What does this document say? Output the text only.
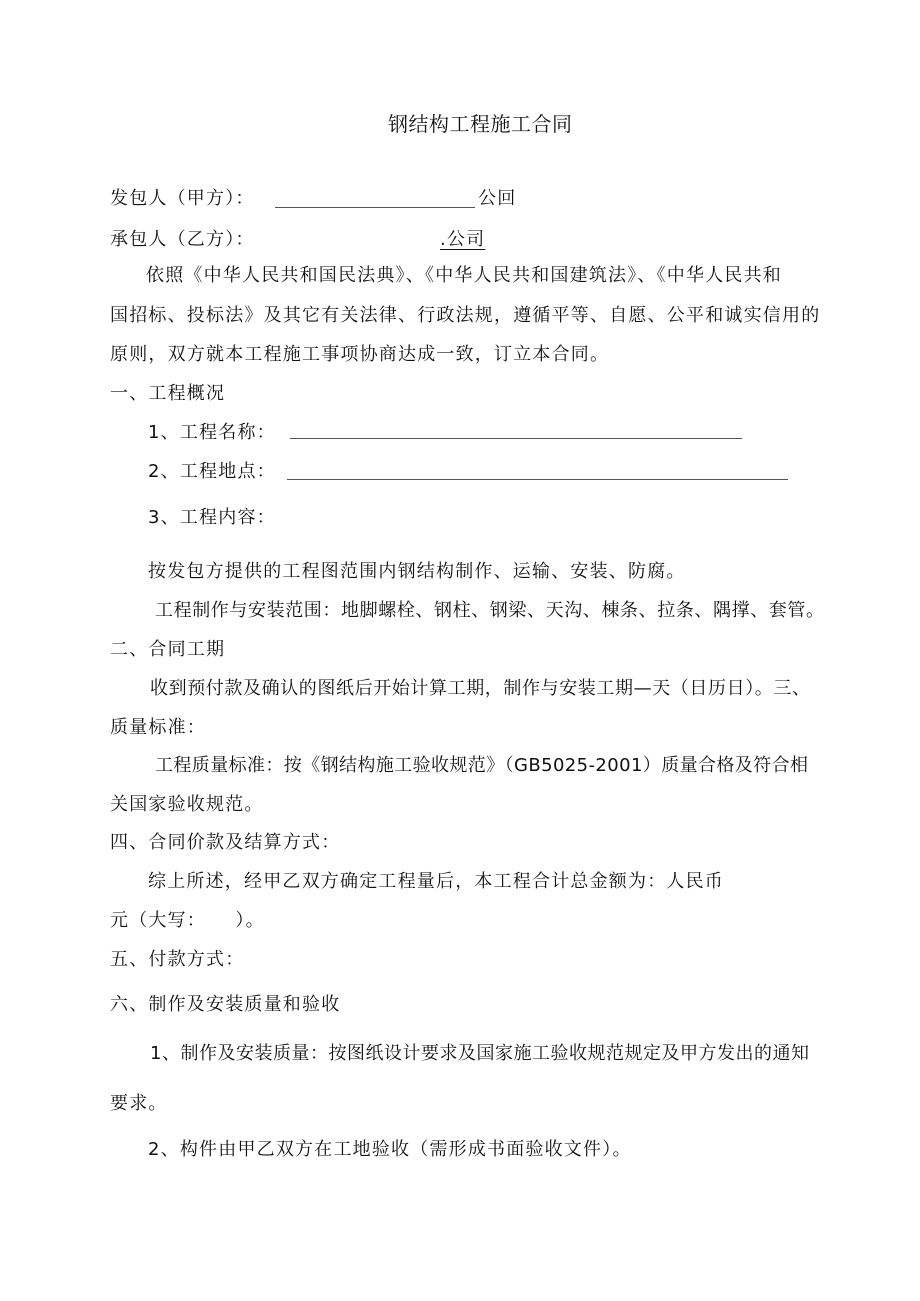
钢结构工程施工合同
发包人（甲方）：	公回
承包人（乙方）：	.公司
依照《中华人民共和国民法典》、《中华人民共和国建筑法》、《中华人民共和
国招标、投标法》及其它有关法律、行政法规，遵循平等、自愿、公平和诚实信用的
原则，双方就本工程施工事项协商达成一致，订立本合同。
一、工程概况
1、工程名称：
2、工程地点：
3、工程内容：
按发包方提供的工程图范围内钢结构制作、运输、安装、防腐。
工程制作与安装范围：地脚螺栓、钢柱、钢梁、天沟、棟条、拉条、隅撑、套管。
二、合同工期
收到预付款及确认的图纸后开始计算工期，制作与安装工期—天（日历日）。三、
质量标准：
工程质量标准：按《钢结构施工验收规范》（GB5025-2001）质量合格及符合相
关国家验收规范。
四、合同价款及结算方式：
综上所述，经甲乙双方确定工程量后，本工程合计总金额为：人民币
元（大写：　　）。
五、付款方式：
六、制作及安装质量和验收
1、制作及安装质量：按图纸设计要求及国家施工验收规范规定及甲方发出的通知
要求。
2、构件由甲乙双方在工地验收（需形成书面验收文件）。
